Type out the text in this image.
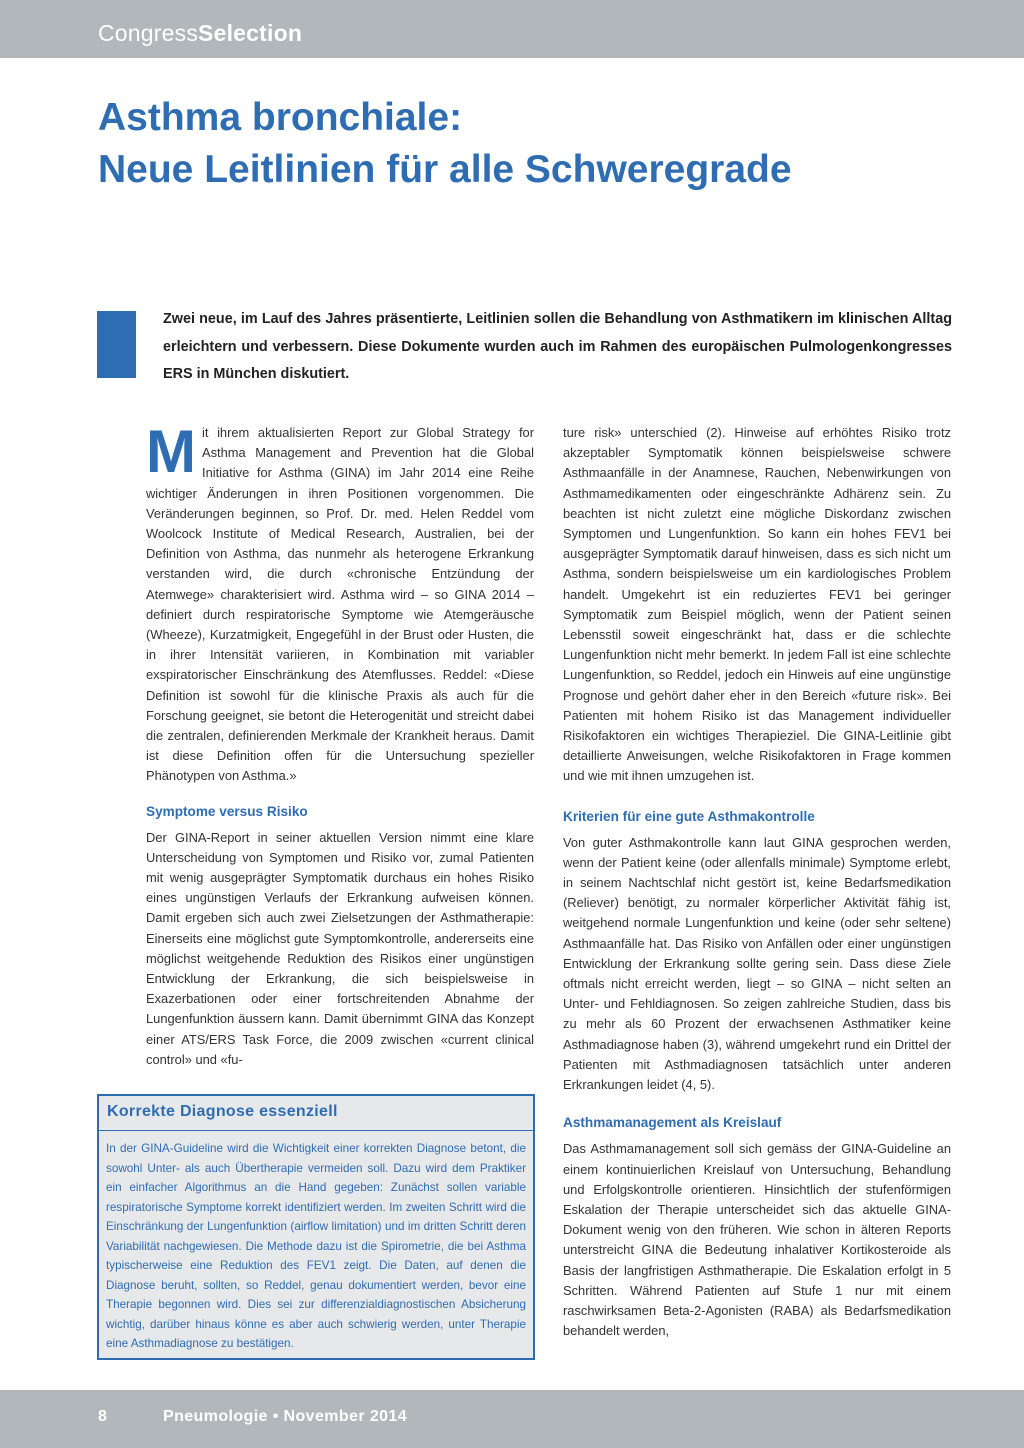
CongressSelection
Asthma bronchiale:
Neue Leitlinien für alle Schweregrade

Zwei neue, im Lauf des Jahres präsentierte, Leitlinien sollen die Behandlung von Asthmatikern im klinischen Alltag erleichtern und verbessern. Diese Dokumente wurden auch im Rahmen des europäischen Pulmologenkongresses ERS in München diskutiert.

Mit ihrem aktualisierten Report zur Global Strategy for Asthma Management and Prevention hat die Global Initiative for Asthma (GINA) im Jahr 2014 eine Reihe wichtiger Änderungen in ihren Positionen vorgenommen. Die Veränderungen beginnen, so Prof. Dr. med. Helen Reddel vom Woolcock Institute of Medical Research, Australien, bei der Definition von Asthma, das nunmehr als heterogene Erkrankung verstanden wird, die durch «chronische Entzündung der Atemwege» charakterisiert wird. Asthma wird – so GINA 2014 – definiert durch respiratorische Symptome wie Atemgeräusche (Wheeze), Kurzatmigkeit, Engegefühl in der Brust oder Husten, die in ihrer Intensität variieren, in Kombination mit variabler exspiratorischer Einschränkung des Atemflusses. Reddel: «Diese Definition ist sowohl für die klinische Praxis als auch für die Forschung geeignet, sie betont die Heterogenität und streicht dabei die zentralen, definierenden Merkmale der Krankheit heraus. Damit ist diese Definition offen für die Untersuchung spezieller Phänotypen von Asthma.»

Symptome versus Risiko

Der GINA-Report in seiner aktuellen Version nimmt eine klare Unterscheidung von Symptomen und Risiko vor, zumal Patienten mit wenig ausgeprägter Symptomatik durchaus ein hohes Risiko eines ungünstigen Verlaufs der Erkrankung aufweisen können. Damit ergeben sich auch zwei Zielsetzungen der Asthmatherapie: Einerseits eine möglichst gute Symptomkontrolle, andererseits eine möglichst weitgehende Reduktion des Risikos einer ungünstigen Entwicklung der Erkrankung, die sich beispielsweise in Exazerbationen oder einer fortschreitenden Abnahme der Lungenfunktion äussern kann. Damit übernimmt GINA das Konzept einer ATS/ERS Task Force, die 2009 zwischen «current clinical control» und «fu-

ture risk» unterschied (2). Hinweise auf erhöhtes Risiko trotz akzeptabler Symptomatik können beispielsweise schwere Asthmaanfälle in der Anamnese, Rauchen, Nebenwirkungen von Asthmamedikamenten oder eingeschränkte Adhärenz sein. Zu beachten ist nicht zuletzt eine mögliche Diskordanz zwischen Symptomen und Lungenfunktion. So kann ein hohes FEV1 bei ausgeprägter Symptomatik darauf hinweisen, dass es sich nicht um Asthma, sondern beispielsweise um ein kardiologisches Problem handelt. Umgekehrt ist ein reduziertes FEV1 bei geringer Symptomatik zum Beispiel möglich, wenn der Patient seinen Lebensstil soweit eingeschränkt hat, dass er die schlechte Lungenfunktion nicht mehr bemerkt. In jedem Fall ist eine schlechte Lungenfunktion, so Reddel, jedoch ein Hinweis auf eine ungünstige Prognose und gehört daher eher in den Bereich «future risk». Bei Patienten mit hohem Risiko ist das Management individueller Risikofaktoren ein wichtiges Therapieziel. Die GINA-Leitlinie gibt detaillierte Anweisungen, welche Risikofaktoren in Frage kommen und wie mit ihnen umzugehen ist.

Kriterien für eine gute Asthmakontrolle

Von guter Asthmakontrolle kann laut GINA gesprochen werden, wenn der Patient keine (oder allenfalls minimale) Symptome erlebt, in seinem Nachtschlaf nicht gestört ist, keine Bedarfsmedikation (Reliever) benötigt, zu normaler körperlicher Aktivität fähig ist, weitgehend normale Lungenfunktion und keine (oder sehr seltene) Asthmaanfälle hat. Das Risiko von Anfällen oder einer ungünstigen Entwicklung der Erkrankung sollte gering sein. Dass diese Ziele oftmals nicht erreicht werden, liegt – so GINA – nicht selten an Unter- und Fehldiagnosen. So zeigen zahlreiche Studien, dass bis zu mehr als 60 Prozent der erwachsenen Asthmatiker keine Asthmadiagnose haben (3), während umgekehrt rund ein Drittel der Patienten mit Asthmadiagnosen tatsächlich unter anderen Erkrankungen leidet (4, 5).

Asthmamanagement als Kreislauf

Das Asthmamanagement soll sich gemäss der GINA-Guideline an einem kontinuierlichen Kreislauf von Untersuchung, Behandlung und Erfolgskontrolle orientieren. Hinsichtlich der stufenförmigen Eskalation der Therapie unterscheidet sich das aktuelle GINA-Dokument wenig von den früheren. Wie schon in älteren Reports unterstreicht GINA die Bedeutung inhalativer Kortikosteroide als Basis der langfristigen Asthmatherapie. Die Eskalation erfolgt in 5 Schritten. Während Patienten auf Stufe 1 nur mit einem raschwirksamen Beta-2-Agonisten (RABA) als Bedarfsmedikation behandelt werden,

Korrekte Diagnose essenziell

In der GINA-Guideline wird die Wichtigkeit einer korrekten Diagnose betont, die sowohl Unter- als auch Übertherapie vermeiden soll. Dazu wird dem Praktiker ein einfacher Algorithmus an die Hand gegeben: Zunächst sollen variable respiratorische Symptome korrekt identifiziert werden. Im zweiten Schritt wird die Einschränkung der Lungenfunktion (airflow limitation) und im dritten Schritt deren Variabilität nachgewiesen. Die Methode dazu ist die Spirometrie, die bei Asthma typischerweise eine Reduktion des FEV1 zeigt. Die Daten, auf denen die Diagnose beruht, sollten, so Reddel, genau dokumentiert werden, bevor eine Therapie begonnen wird. Dies sei zur differenzialdiagnostischen Absicherung wichtig, darüber hinaus könne es aber auch schwierig werden, unter Therapie eine Asthmadiagnose zu bestätigen.

8	Pneumologie • November 2014
